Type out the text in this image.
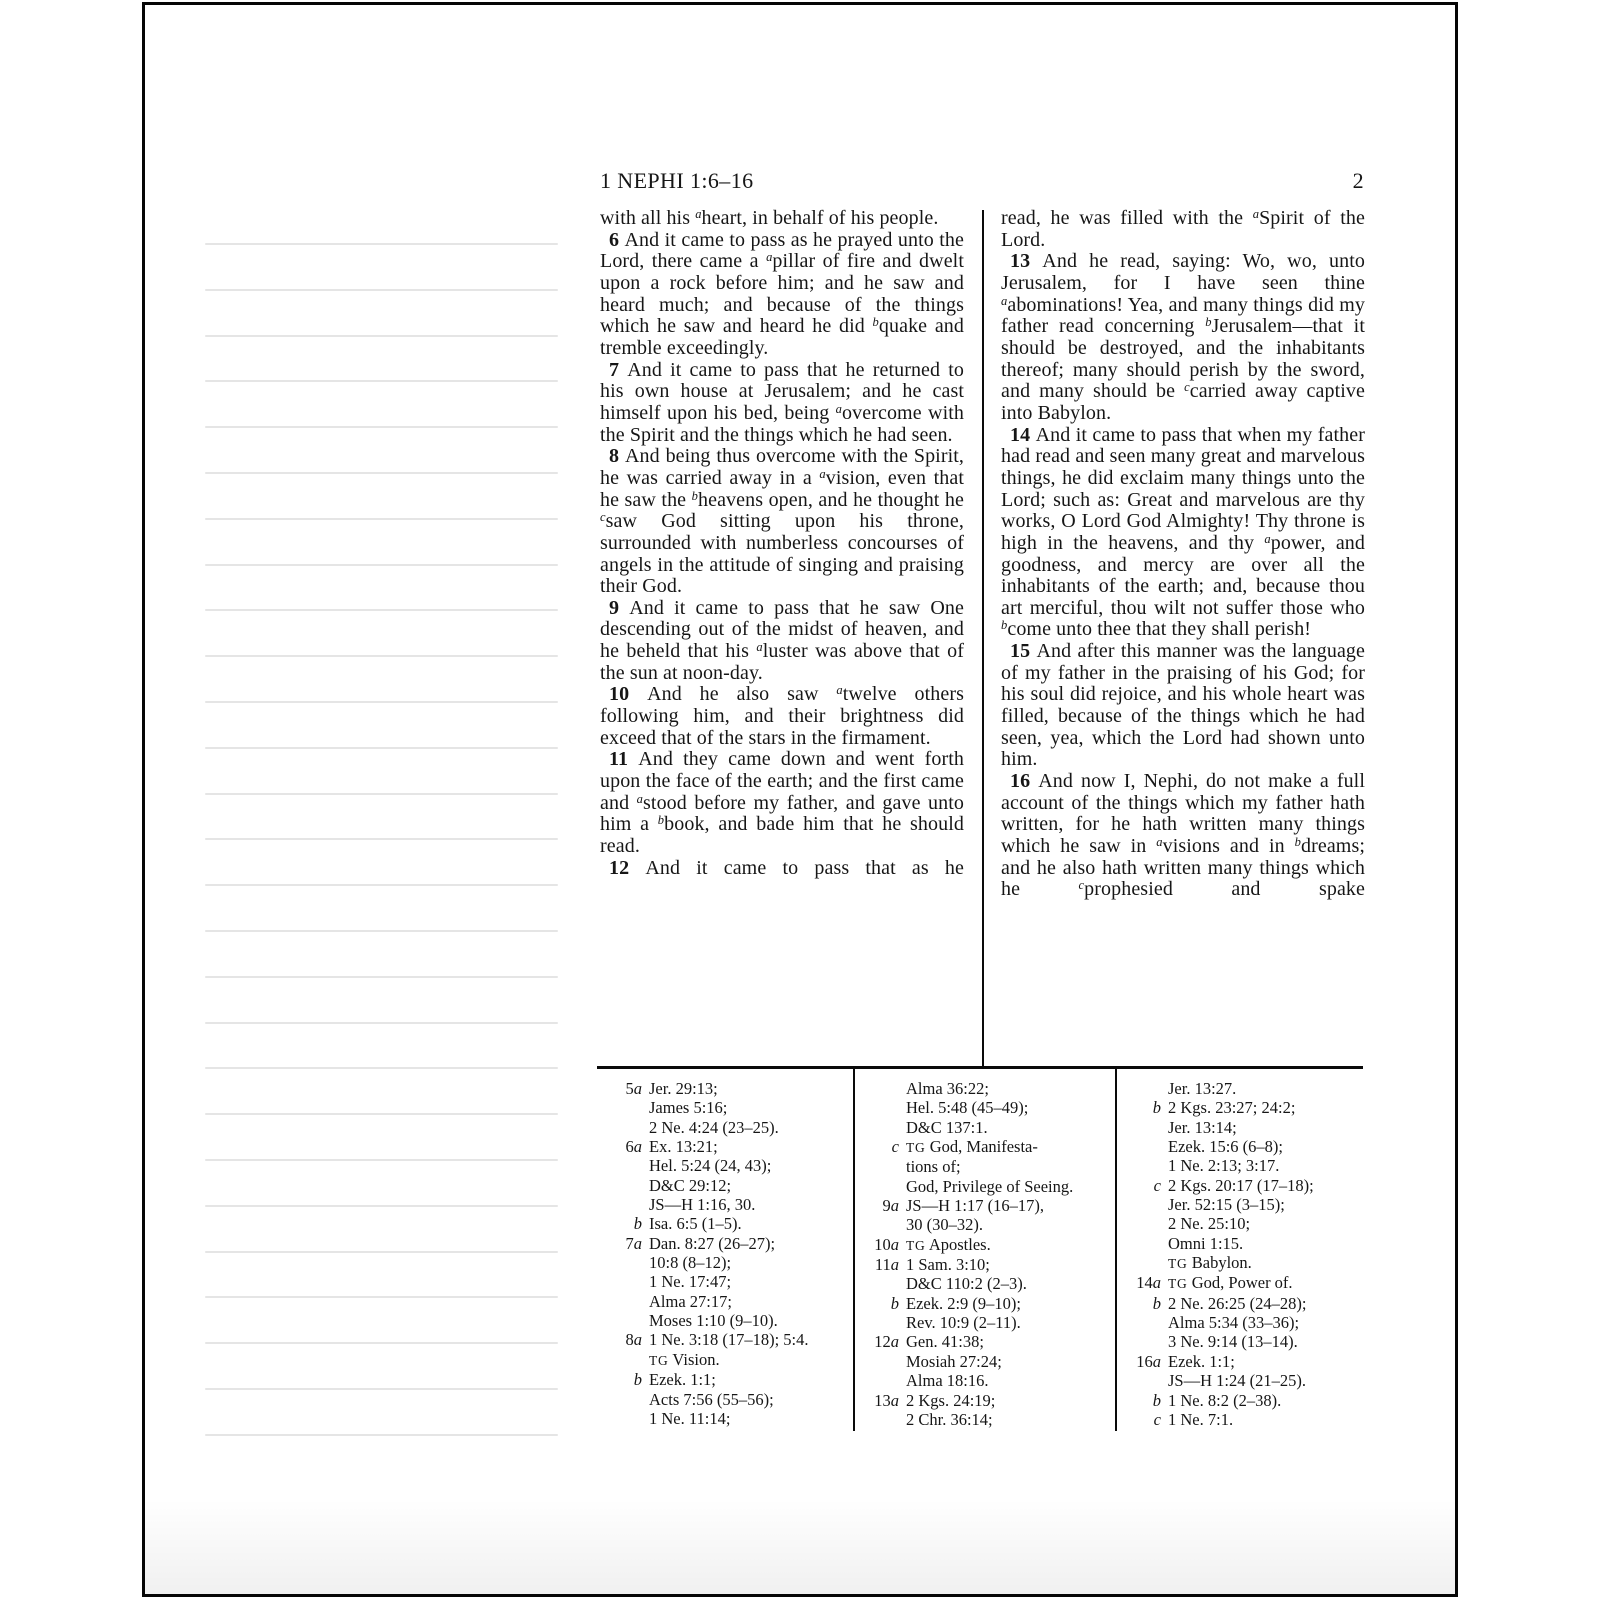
1 NEPHI 1:6–16	2

with all his $^a$heart, in behalf of his people.

6 And it came to pass as he prayed unto the Lord, there came a $^a$pillar of fire and dwelt upon a rock before him; and he saw and heard much; and because of the things which he saw and heard he did $^b$quake and tremble exceedingly.

7 And it came to pass that he returned to his own house at Jerusalem; and he cast himself upon his bed, being $^a$overcome with the Spirit and the things which he had seen.

8 And being thus overcome with the Spirit, he was carried away in a $^a$vision, even that he saw the $^b$heavens open, and he thought he $^c$saw God sitting upon his throne, surrounded with numberless concourses of angels in the attitude of singing and praising their God.

9 And it came to pass that he saw One descending out of the midst of heaven, and he beheld that his $^a$luster was above that of the sun at noon-day.

10 And he also saw $^a$twelve others following him, and their brightness did exceed that of the stars in the firmament.

11 And they came down and went forth upon the face of the earth; and the first came and $^a$stood before my father, and gave unto him a $^b$book, and bade him that he should read.

12 And it came to pass that as he

read, he was filled with the $^a$Spirit of the Lord.

13 And he read, saying: Wo, wo, unto Jerusalem, for I have seen thine $^a$abominations! Yea, and many things did my father read concerning $^b$Jerusalem—that it should be destroyed, and the inhabitants thereof; many should perish by the sword, and many should be $^c$carried away captive into Babylon.

14 And it came to pass that when my father had read and seen many great and marvelous things, he did exclaim many things unto the Lord; such as: Great and marvelous are thy works, O Lord God Almighty! Thy throne is high in the heavens, and thy $^a$power, and goodness, and mercy are over all the inhabitants of the earth; and, because thou art merciful, thou wilt not suffer those who $^b$come unto thee that they shall perish!

15 And after this manner was the language of my father in the praising of his God; for his soul did rejoice, and his whole heart was filled, because of the things which he had seen, yea, which the Lord had shown unto him.

16 And now I, Nephi, do not make a full account of the things which my father hath written, for he hath written many things which he saw in $^a$visions and in $^b$dreams; and he also hath written many things which he $^c$prophesied and spake

5a Jer. 29:13;
James 5:16;
2 Ne. 4:24 (23–25).
6a Ex. 13:21;
Hel. 5:24 (24, 43);
D&C 29:12;
JS—H 1:16, 30.
b Isa. 6:5 (1–5).
7a Dan. 8:27 (26–27);
10:8 (8–12);
1 Ne. 17:47;
Alma 27:17;
Moses 1:10 (9–10).
8a 1 Ne. 3:18 (17–18); 5:4.
TG Vision.
b Ezek. 1:1;
Acts 7:56 (55–56);
1 Ne. 11:14;
Alma 36:22;
Hel. 5:48 (45–49);
D&C 137:1.
c TG God, Manifesta-
tions of;
God, Privilege of Seeing.
9a JS—H 1:17 (16–17),
30 (30–32).
10a TG Apostles.
11a 1 Sam. 3:10;
D&C 110:2 (2–3).
b Ezek. 2:9 (9–10);
Rev. 10:9 (2–11).
12a Gen. 41:38;
Mosiah 27:24;
Alma 18:16.
13a 2 Kgs. 24:19;
2 Chr. 36:14;
Jer. 13:27.
b 2 Kgs. 23:27; 24:2;
Jer. 13:14;
Ezek. 15:6 (6–8);
1 Ne. 2:13; 3:17.
c 2 Kgs. 20:17 (17–18);
Jer. 52:15 (3–15);
2 Ne. 25:10;
Omni 1:15.
TG Babylon.
14a TG God, Power of.
b 2 Ne. 26:25 (24–28);
Alma 5:34 (33–36);
3 Ne. 9:14 (13–14).
16a Ezek. 1:1;
JS—H 1:24 (21–25).
b 1 Ne. 8:2 (2–38).
c 1 Ne. 7:1.
